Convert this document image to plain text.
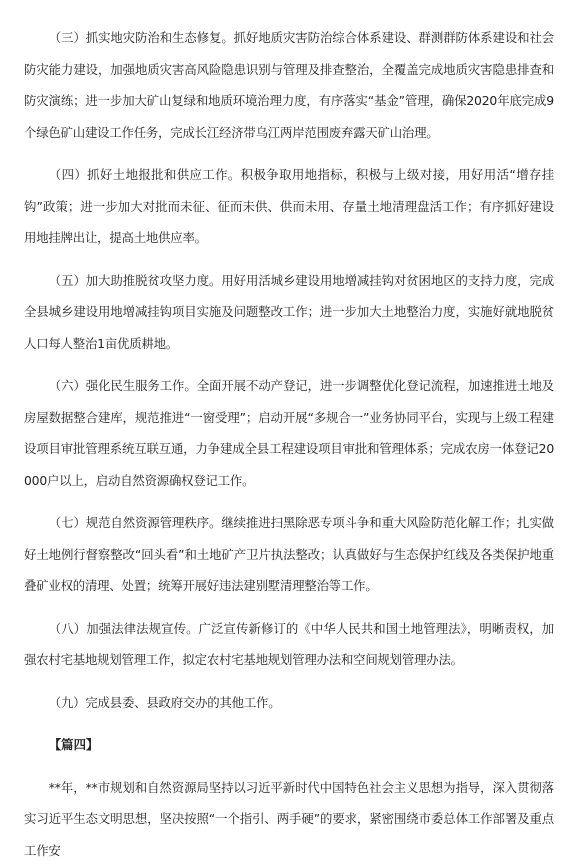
（三）抓实地灾防治和生态修复。抓好地质灾害防治综合体系建设、群测群防体系建设和社会防灾能力建设，加强地质灾害高风险隐患识别与管理及排查整治，全覆盖完成地质灾害隐患排查和防灾演练；进一步加大矿山复绿和地质环境治理力度，有序落实“基金”管理，确保2020年底完成9个绿色矿山建设工作任务，完成长江经济带乌江两岸范围废弃露天矿山治理。

（四）抓好土地报批和供应工作。积极争取用地指标，积极与上级对接，用好用活“增存挂钩”政策；进一步加大对批而未征、征而未供、供而未用、存量土地清理盘活工作；有序抓好建设用地挂牌出让，提高土地供应率。

（五）加大助推脱贫攻坚力度。用好用活城乡建设用地增减挂钩对贫困地区的支持力度，完成全县城乡建设用地增减挂钩项目实施及问题整改工作；进一步加大土地整治力度，实施好就地脱贫人口每人整治1亩优质耕地。

（六）强化民生服务工作。全面开展不动产登记，进一步调整优化登记流程，加速推进土地及房屋数据整合建库，规范推进“一窗受理”；启动开展“多规合一”业务协同平台，实现与上级工程建设项目审批管理系统互联互通，力争建成全县工程建设项目审批和管理体系；完成农房一体登记20000户以上，启动自然资源确权登记工作。

（七）规范自然资源管理秩序。继续推进扫黑除恶专项斗争和重大风险防范化解工作；扎实做好土地例行督察整改“回头看”和土地矿产卫片执法整改；认真做好与生态保护红线及各类保护地重叠矿业权的清理、处置；统筹开展好违法建别墅清理整治等工作。

（八）加强法律法规宣传。广泛宣传新修订的《中华人民共和国土地管理法》，明晰责权，加强农村宅基地规划管理工作，拟定农村宅基地规划管理办法和空间规划管理办法。

（九）完成县委、县政府交办的其他工作。

【篇四】

**年，**市规划和自然资源局坚持以习近平新时代中国特色社会主义思想为指导，深入贯彻落实习近平生态文明思想，坚决按照“一个指引、两手硬”的要求，紧密围绕市委总体工作部署及重点工作安
